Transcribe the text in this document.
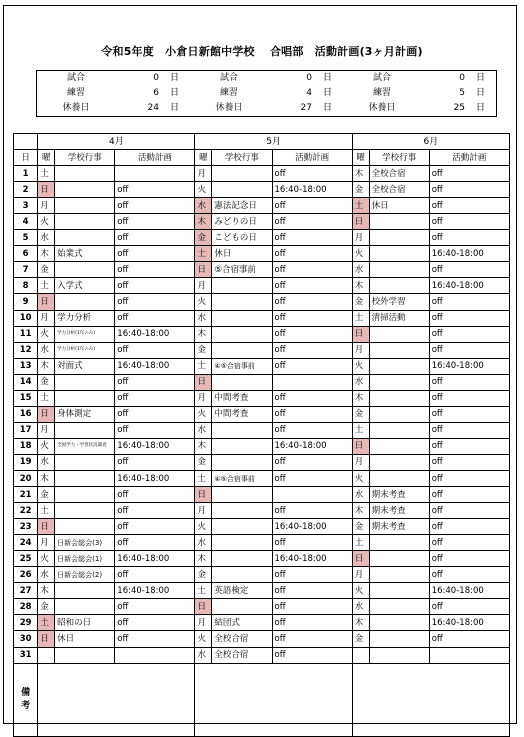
令和5年度　小倉日新館中学校　 合唱部　活動計画(3ヶ月計画)
試合	0	日
練習	6	日
休養日	24	日
試合	0	日
練習	4	日
休養日	27	日
試合	0	日
練習	5	日
休養日	25	日
	4月			5月			6月		
日	曜	学校行事	活動計画	曜	学校行事	活動計画	曜	学校行事	活動計画
1	土			月		off	木	全校合宿	off
2	日		off	火		16:40-18:00	金	全校合宿	off
3	月		off	水	憲法記念日	off	土	休日	off
4	火		off	木	みどりの日	off	日		off
5	水		off	金	こどもの日	off	月		off
6	木	始業式	off	土	休日	off	火		16:40-18:00
7	金		off	日	⑤合宿事前	off	水		off
8	土	入学式	off	月		off	木		16:40-18:00
9	日		off	火		off	金	校外学習	off
10	月	学力分析	off	水		off	土	清掃活動	off
11	火	学力分析(1年のみ)	16:40-18:00	木		off	日		off
12	水	学力分析(1年のみ)	off	金		off	月		off
13	木	対面式	16:40-18:00	土	④⑤合宿事前	off	火		16:40-18:00
14	金		off	日			水		off
15	土		off	月	中間考査	off	木		off
16	日	身体測定	off	火	中間考査	off	金		off
17	月		off	水		off	土		off
18	火	全国学力・学習状況調査	16:40-18:00	木		16:40-18:00	日		off
19	水		off	金		off	月		off
20	木		16:40-18:00	土	④⑤合宿事前	off	火		off
21	金		off	日			水	期末考査	off
22	土		off	月		off	木	期末考査	off
23	日		off	火		16:40-18:00	金	期末考査	off
24	月	日新会総会(3)	off	水		off	土		off
25	火	日新会総会(1)	16:40-18:00	木		16:40-18:00	日		off
26	水	日新会総会(2)	off	金		off	月		off
27	木		16:40-18:00	土	英語検定	off	火		16:40-18:00
28	金		off	日		off	水		off
29	土	昭和の日	off	月	結団式	off	木		16:40-18:00
30	日	休日	off	火	全校合宿	off	金		off
31				水	全校合宿	off			
備考									
